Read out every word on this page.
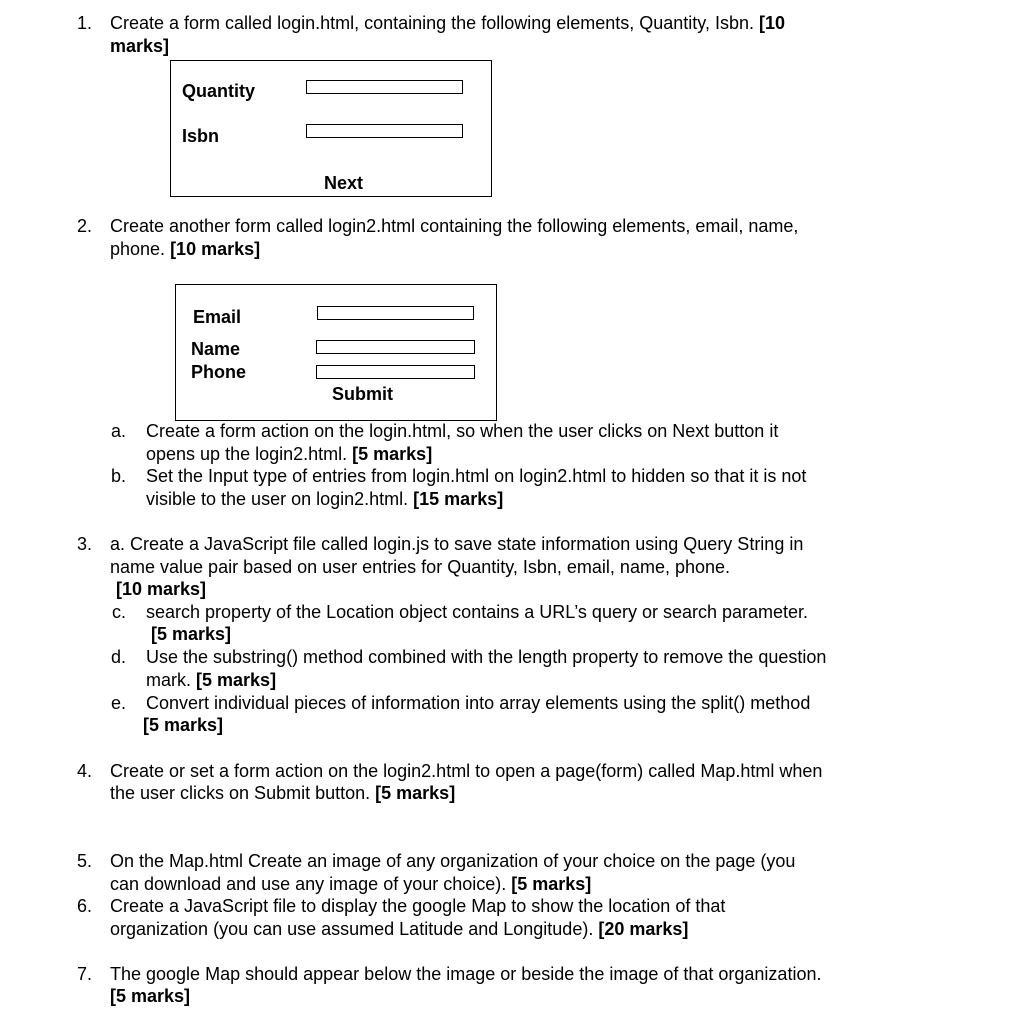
1. Create a form called login.html, containing the following elements, Quantity, Isbn. [10
marks]
Quantity
Isbn
Next
2. Create another form called login2.html containing the following elements, email, name,
phone. [10 marks]
Email
Name
Phone
Submit
a. Create a form action on the login.html, so when the user clicks on Next button it
opens up the login2.html. [5 marks]
b. Set the Input type of entries from login.html on login2.html to hidden so that it is not
visible to the user on login2.html. [15 marks]
3. a. Create a JavaScript file called login.js to save state information using Query String in
name value pair based on user entries for Quantity, Isbn, email, name, phone.
[10 marks]
c. search property of the Location object contains a URL’s query or search parameter.
[5 marks]
d. Use the substring() method combined with the length property to remove the question
mark. [5 marks]
e. Convert individual pieces of information into array elements using the split() method
[5 marks]
4. Create or set a form action on the login2.html to open a page(form) called Map.html when
the user clicks on Submit button. [5 marks]
5. On the Map.html Create an image of any organization of your choice on the page (you
can download and use any image of your choice). [5 marks]
6. Create a JavaScript file to display the google Map to show the location of that
organization (you can use assumed Latitude and Longitude). [20 marks]
7. The google Map should appear below the image or beside the image of that organization.
[5 marks]
